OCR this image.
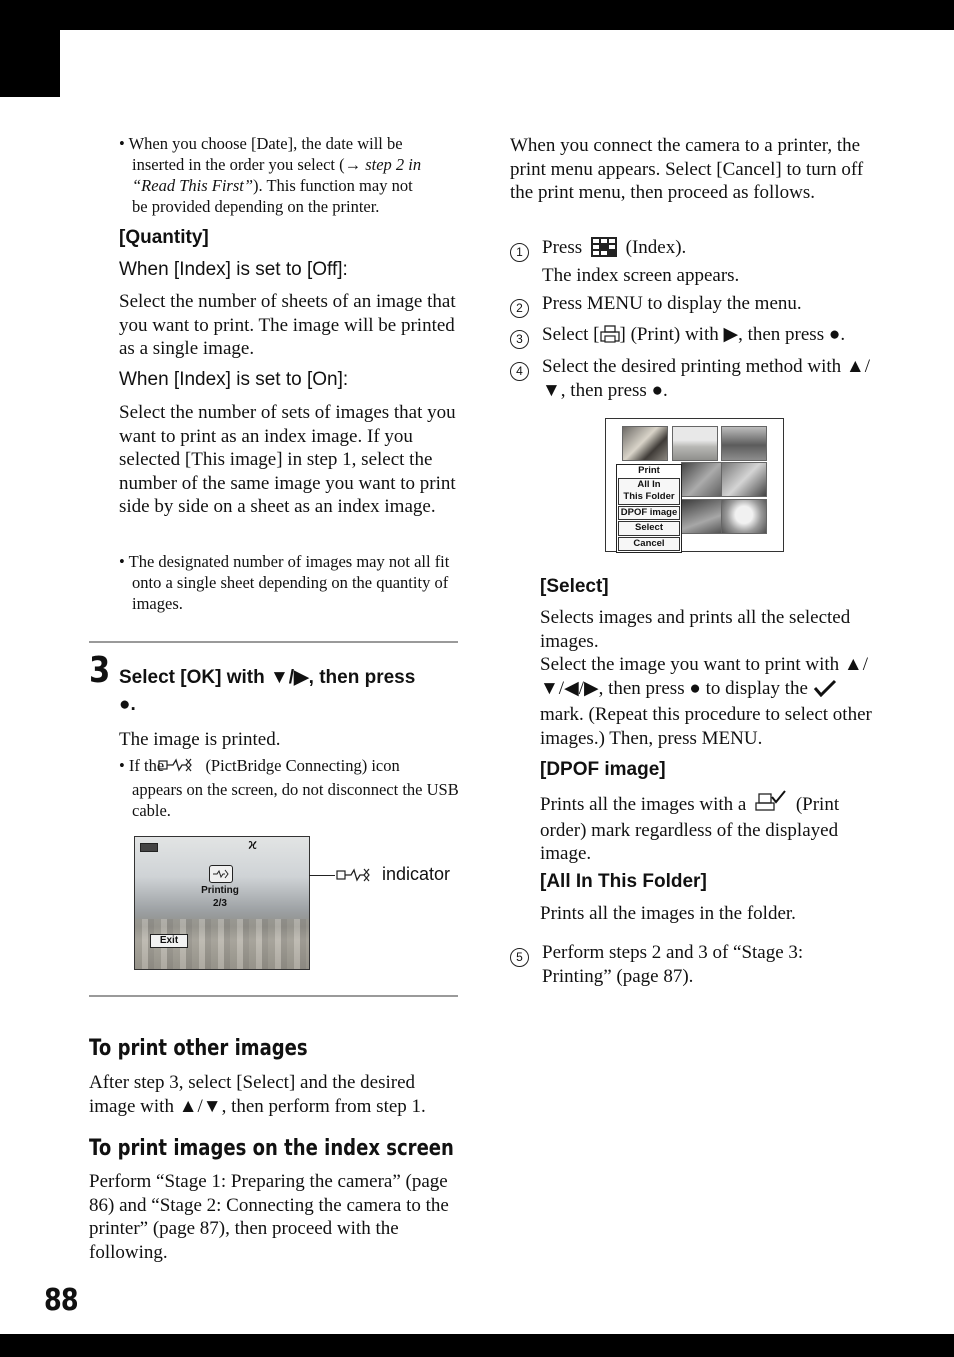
88
• When you choose [Date], the date will be
inserted in the order you select (→ step 2 in
“Read This First”). This function may not
be provided depending on the printer.
[Quantity]
When [Index] is set to [Off]:
Select the number of sheets of an image that you want to print. The image will be printed as a single image.
When [Index] is set to [On]:
Select the number of sets of images that you want to print as an index image. If you selected [This image] in step 1, select the number of the same image you want to print side by side on a sheet as an index image.
• The designated number of images may not all fit onto a single sheet depending on the quantity of images.
3 Select [OK] with ▼/▶, then press
●.
The image is printed.
• If the	(PictBridge Connecting) icon
appears on the screen, do not disconnect the USB cable.
ϰ
Printing
2/3
Exit
indicator
To print other images
After step 3, select [Select] and the desired image with ▲/▼, then perform from step 1.
To print images on the index screen
Perform “Stage 1: Preparing the camera” (page 86) and “Stage 2: Connecting the camera to the printer” (page 87), then proceed with the following.
When you connect the camera to a printer, the print menu appears. Select [Cancel] to turn off the print menu, then proceed as follows.
1	Press (Index).
The index screen appears.
2	Press MENU to display the menu.
3	Select [ ] (Print) with ▶, then press ●.
4	Select the desired printing method with ▲/▼, then press ●.
Print
All In
This Folder
DPOF image
Select
Cancel
[Select]
Selects images and prints all the selected images.
Select the image you want to print with ▲/▼/◀/▶, then press ● to display the  mark. (Repeat this procedure to select other images.) Then, press MENU.
[DPOF image]
Prints all the images with a	(Print order) mark regardless of the displayed image.
[All In This Folder]
Prints all the images in the folder.
5	Perform steps 2 and 3 of “Stage 3: Printing” (page 87).
